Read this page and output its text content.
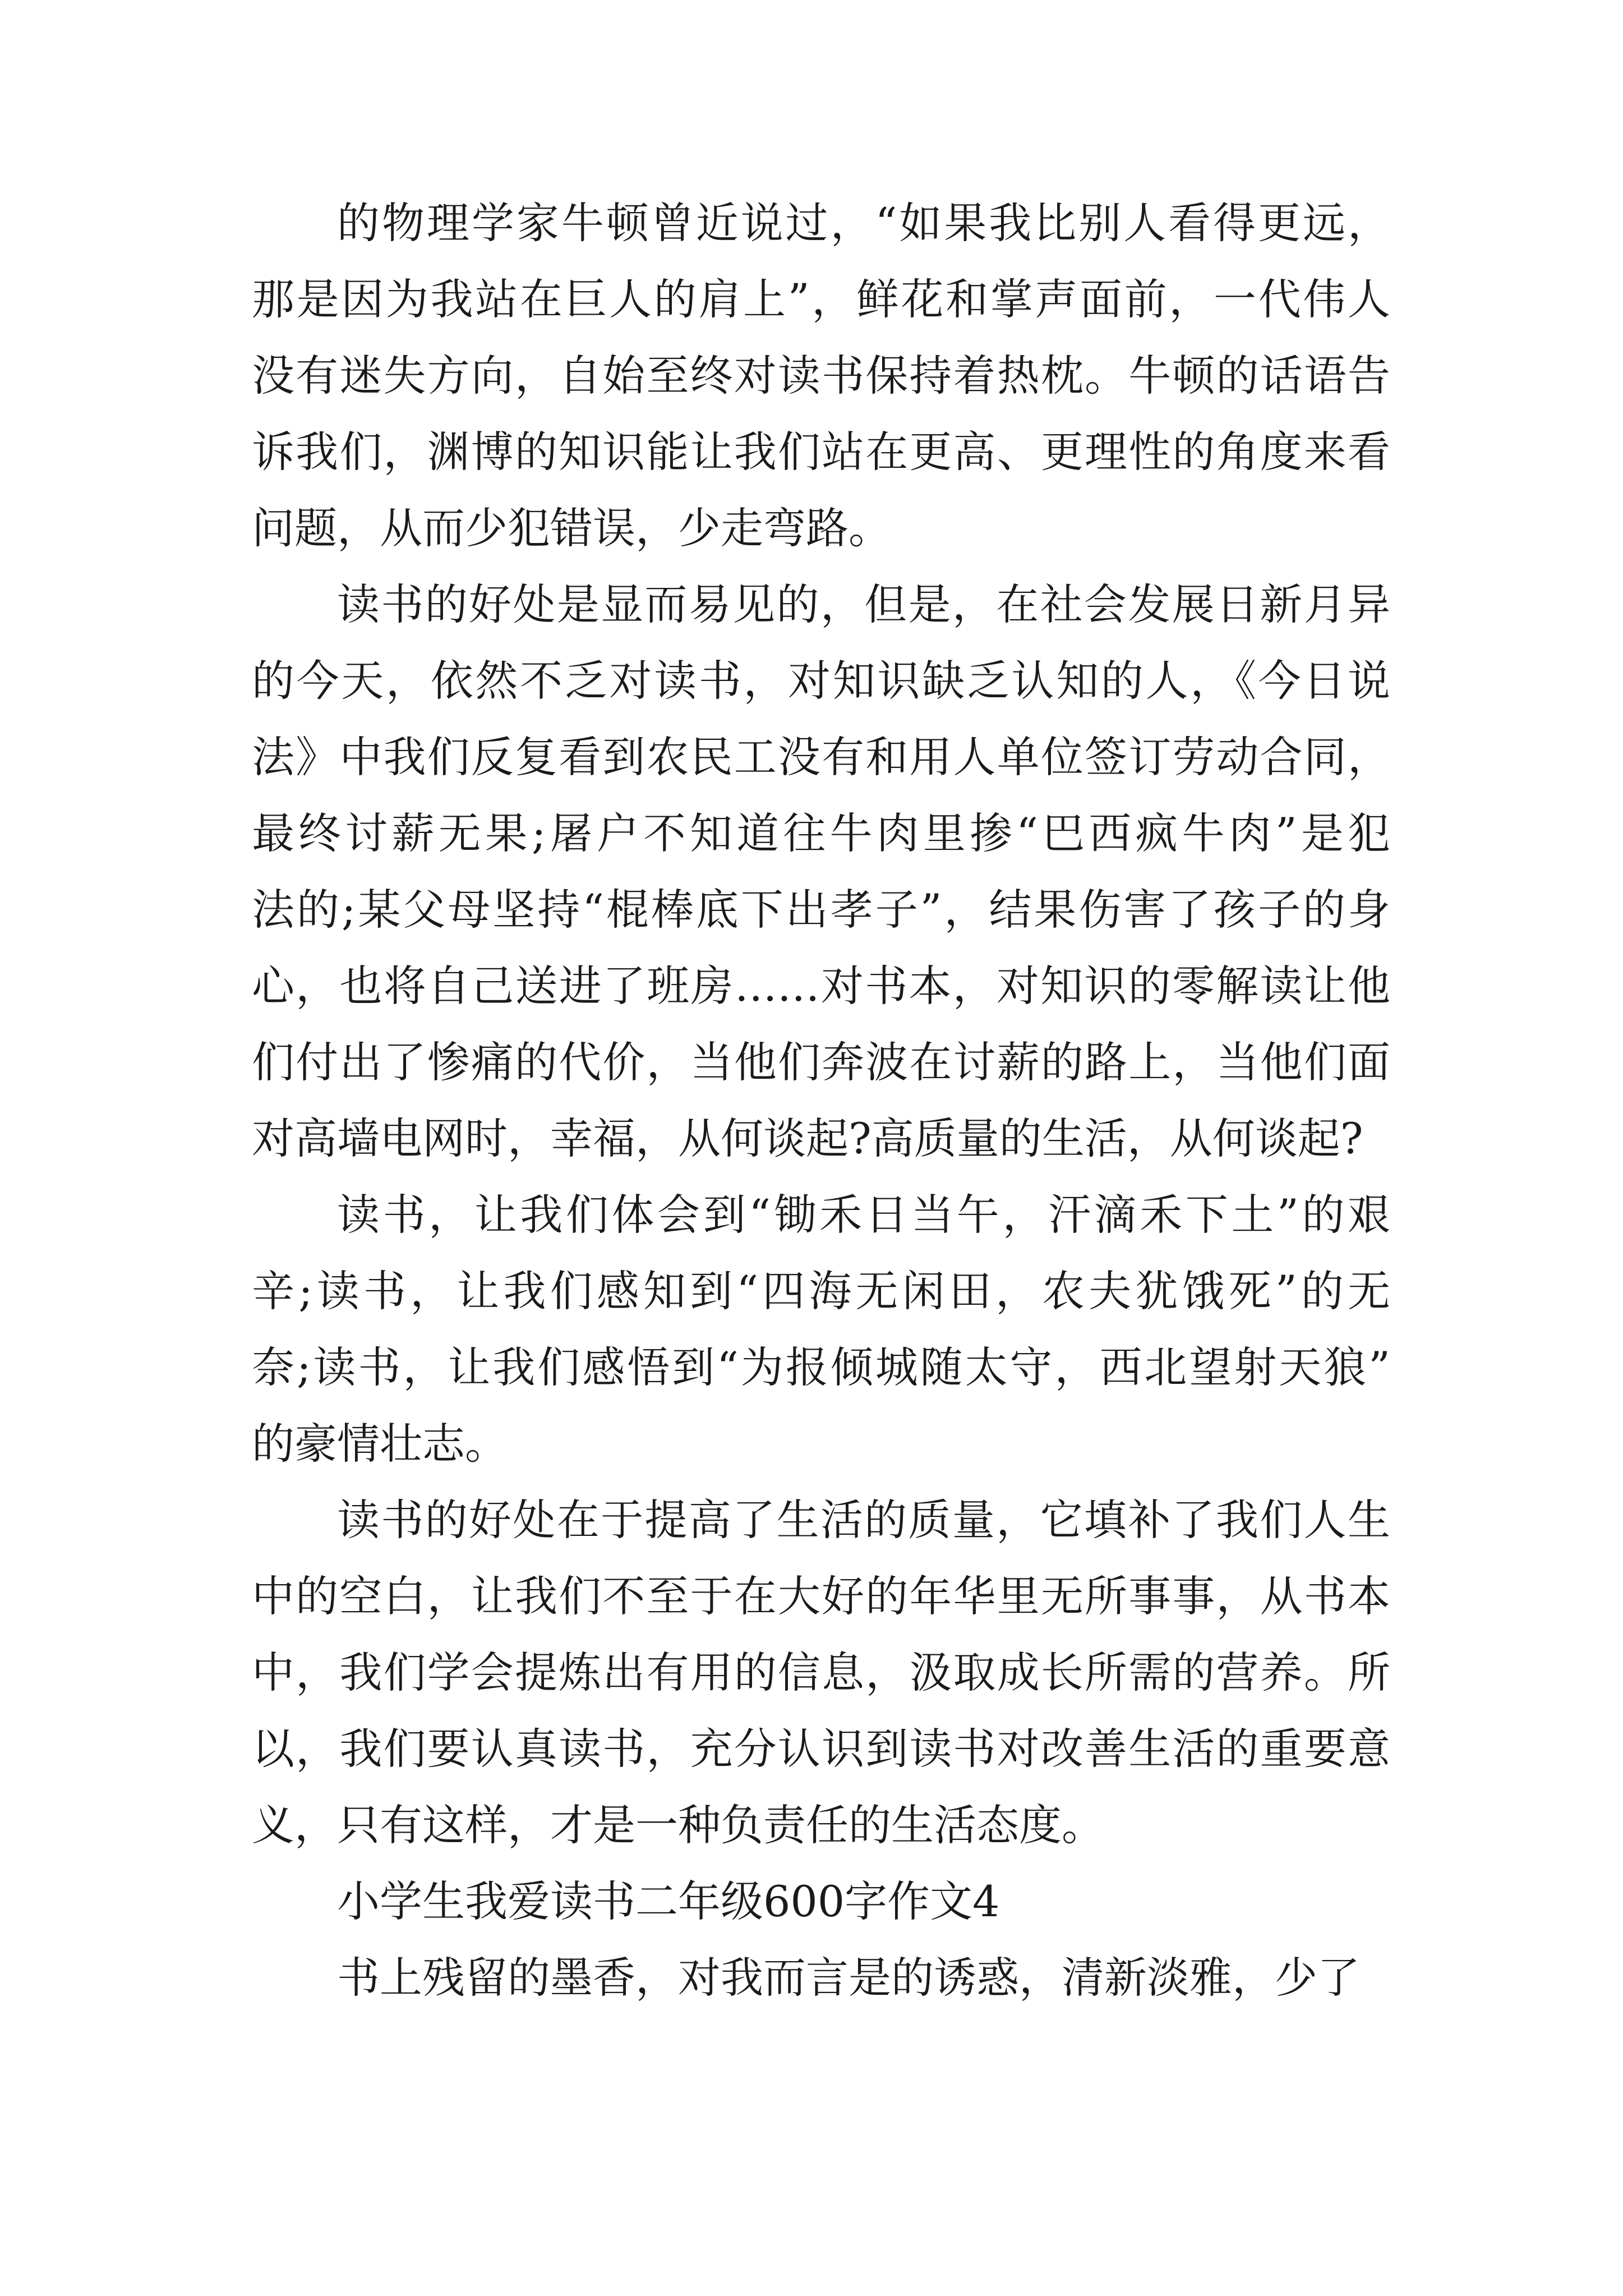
的物理学家牛顿曾近说过，“如果我比别人看得更远，
那是因为我站在巨人的肩上”，鲜花和掌声面前，一代伟人
没有迷失方向，自始至终对读书保持着热枕。牛顿的话语告
诉我们，渊博的知识能让我们站在更高、更理性的角度来看
问题，从而少犯错误，少走弯路。
读书的好处是显而易见的，但是，在社会发展日新月异
的今天，依然不乏对读书，对知识缺乏认知的人，《今日说
法》中我们反复看到农民工没有和用人单位签订劳动合同，
最终讨薪无果;屠户不知道往牛肉里掺“巴西疯牛肉”是犯
法的;某父母坚持“棍棒底下出孝子”，结果伤害了孩子的身
心，也将自己送进了班房……对书本，对知识的零解读让他
们付出了惨痛的代价，当他们奔波在讨薪的路上，当他们面
对高墙电网时，幸福，从何谈起?高质量的生活，从何谈起?
读书，让我们体会到“锄禾日当午，汗滴禾下土”的艰
辛;读书，让我们感知到“四海无闲田，农夫犹饿死”的无
奈;读书，让我们感悟到“为报倾城随太守，西北望射天狼”
的豪情壮志。
读书的好处在于提高了生活的质量，它填补了我们人生
中的空白，让我们不至于在大好的年华里无所事事，从书本
中，我们学会提炼出有用的信息，汲取成长所需的营养。所
以，我们要认真读书，充分认识到读书对改善生活的重要意
义，只有这样，才是一种负责任的生活态度。
小学生我爱读书二年级600字作文4
书上残留的墨香，对我而言是的诱惑，清新淡雅，少了
